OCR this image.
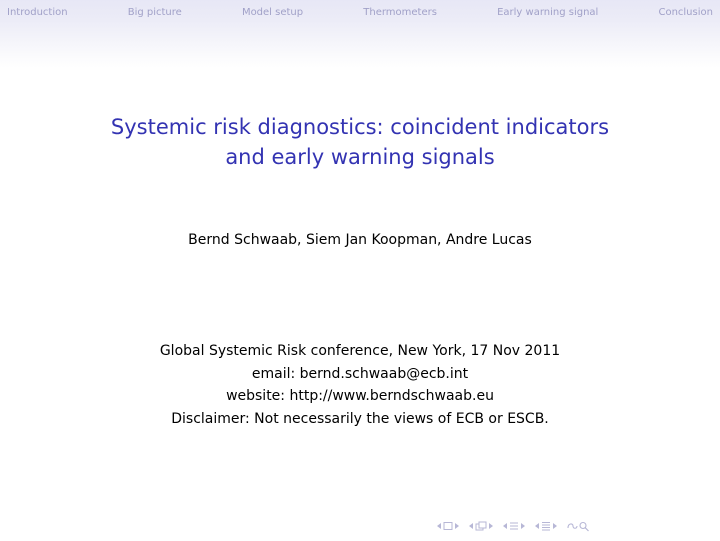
Introduction	Big picture	Model setup	Thermometers	Early warning signal	Conclusion
Systemic risk diagnostics: coincident indicators
and early warning signals
Bernd Schwaab, Siem Jan Koopman, Andre Lucas
Global Systemic Risk conference, New York, 17 Nov 2011
email: bernd.schwaab@ecb.int
website: http://www.berndschwaab.eu
Disclaimer: Not necessarily the views of ECB or ESCB.
